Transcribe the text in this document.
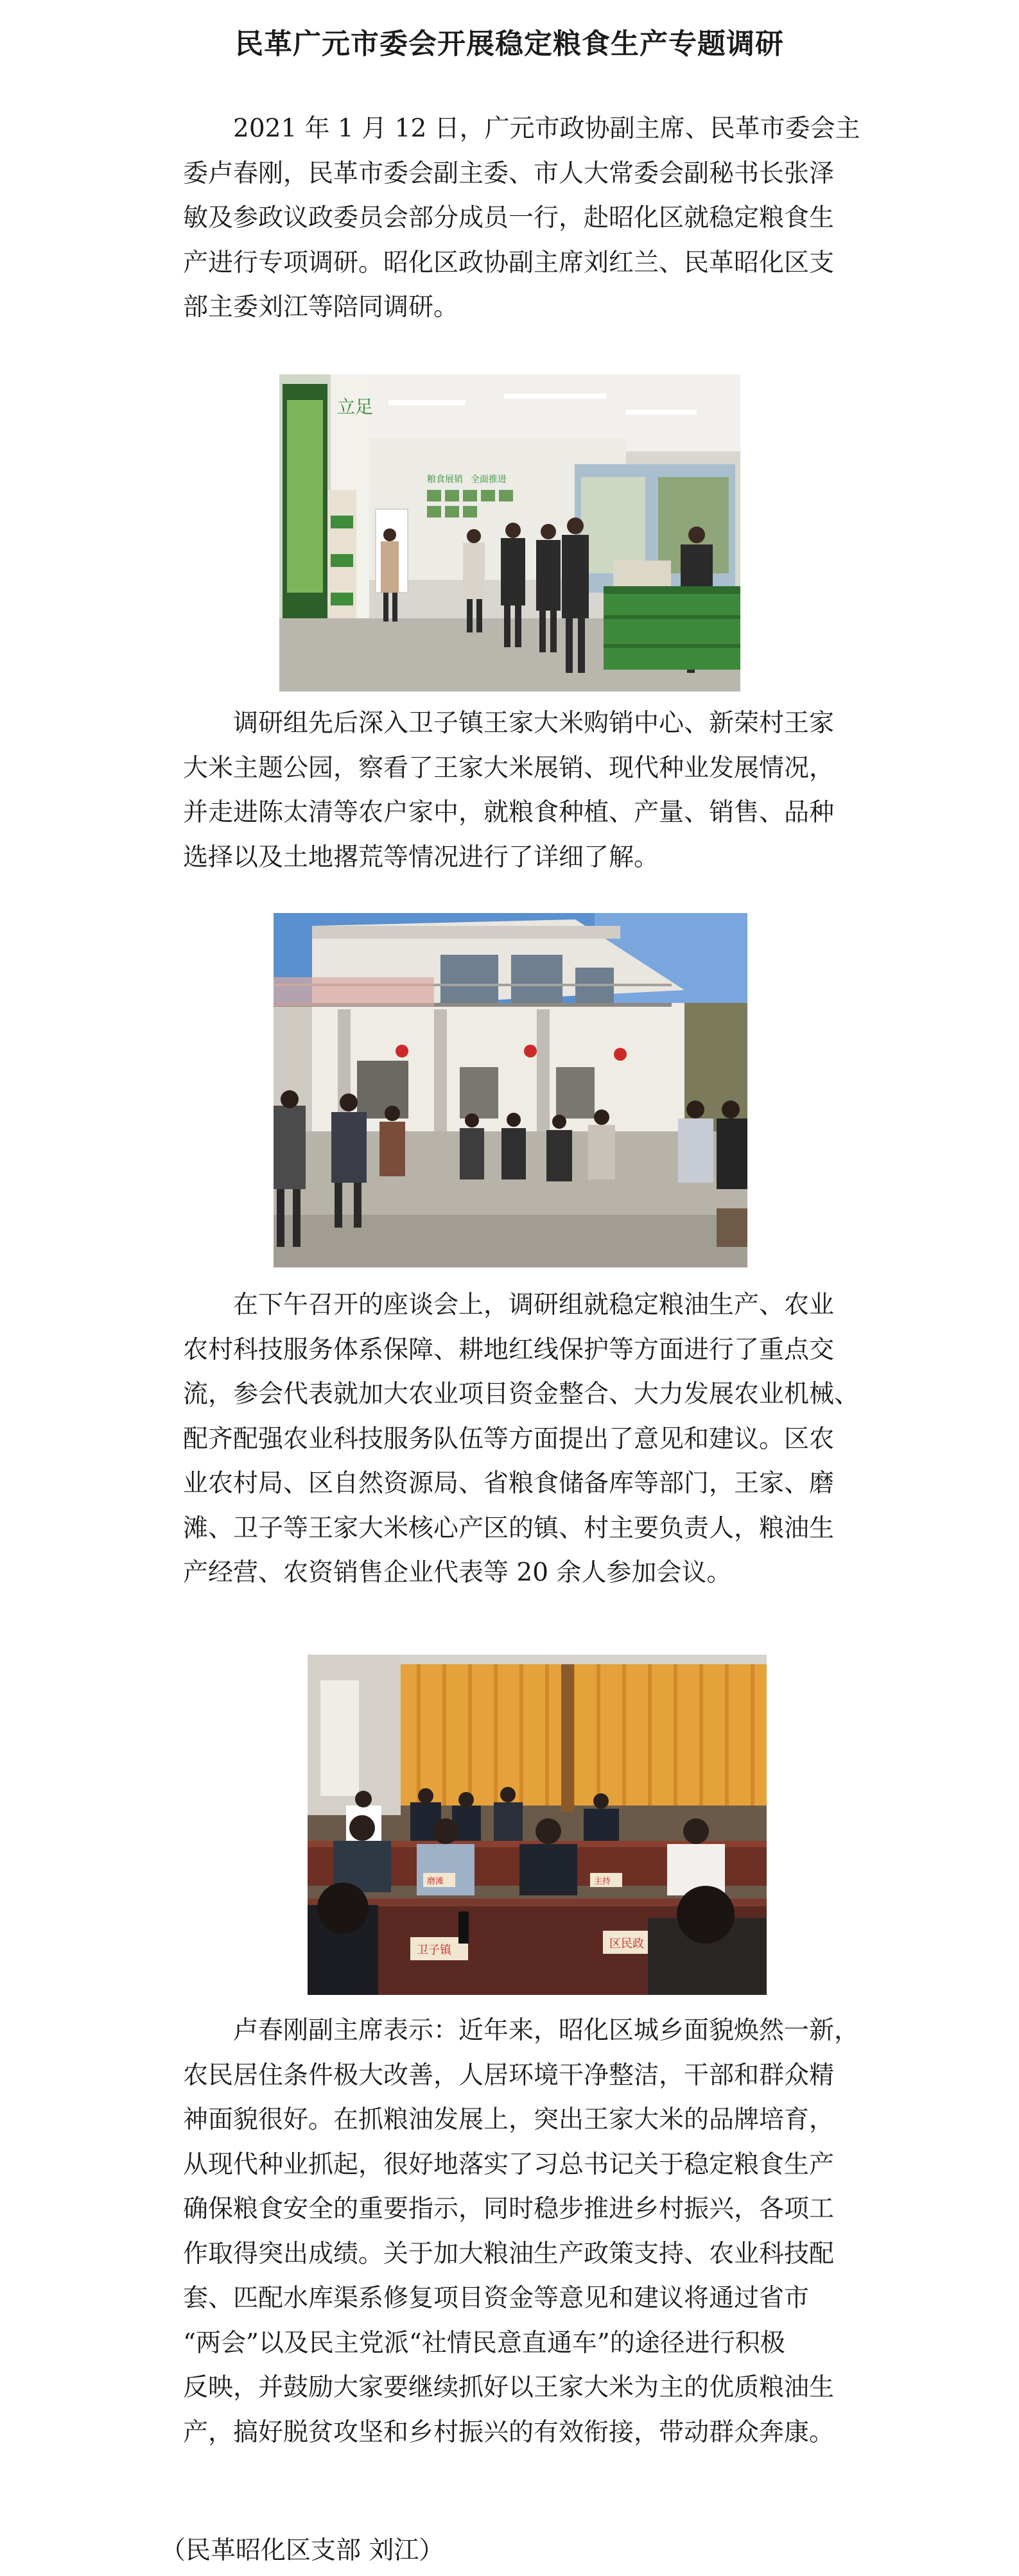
民革广元市委会开展稳定粮食生产专题调研

　　2021 年 1 月 12 日，广元市政协副主席、民革市委会主
委卢春刚，民革市委会副主委、市人大常委会副秘书长张泽
敏及参政议政委员会部分成员一行，赴昭化区就稳定粮食生
产进行专项调研。昭化区政协副主席刘红兰、民革昭化区支
部主委刘江等陪同调研。

立足
粮食展销 全面推进

　　调研组先后深入卫子镇王家大米购销中心、新荣村王家
大米主题公园，察看了王家大米展销、现代种业发展情况，
并走进陈太清等农户家中，就粮食种植、产量、销售、品种
选择以及土地撂荒等情况进行了详细了解。

　　在下午召开的座谈会上，调研组就稳定粮油生产、农业
农村科技服务体系保障、耕地红线保护等方面进行了重点交
流，参会代表就加大农业项目资金整合、大力发展农业机械、
配齐配强农业科技服务队伍等方面提出了意见和建议。区农
业农村局、区自然资源局、省粮食储备库等部门，王家、磨
滩、卫子等王家大米核心产区的镇、村主要负责人，粮油生
产经营、农资销售企业代表等 20 余人参加会议。

磨滩	主持
卫子镇	区民政

　　卢春刚副主席表示：近年来，昭化区城乡面貌焕然一新，
农民居住条件极大改善，人居环境干净整洁，干部和群众精
神面貌很好。在抓粮油发展上，突出王家大米的品牌培育，
从现代种业抓起，很好地落实了习总书记关于稳定粮食生产
确保粮食安全的重要指示，同时稳步推进乡村振兴，各项工
作取得突出成绩。关于加大粮油生产政策支持、农业科技配
套、匹配水库渠系修复项目资金等意见和建议将通过省市
“两会”以及民主党派“社情民意直通车”的途径进行积极
反映，并鼓励大家要继续抓好以王家大米为主的优质粮油生
产，搞好脱贫攻坚和乡村振兴的有效衔接，带动群众奔康。

（民革昭化区支部 刘江）
